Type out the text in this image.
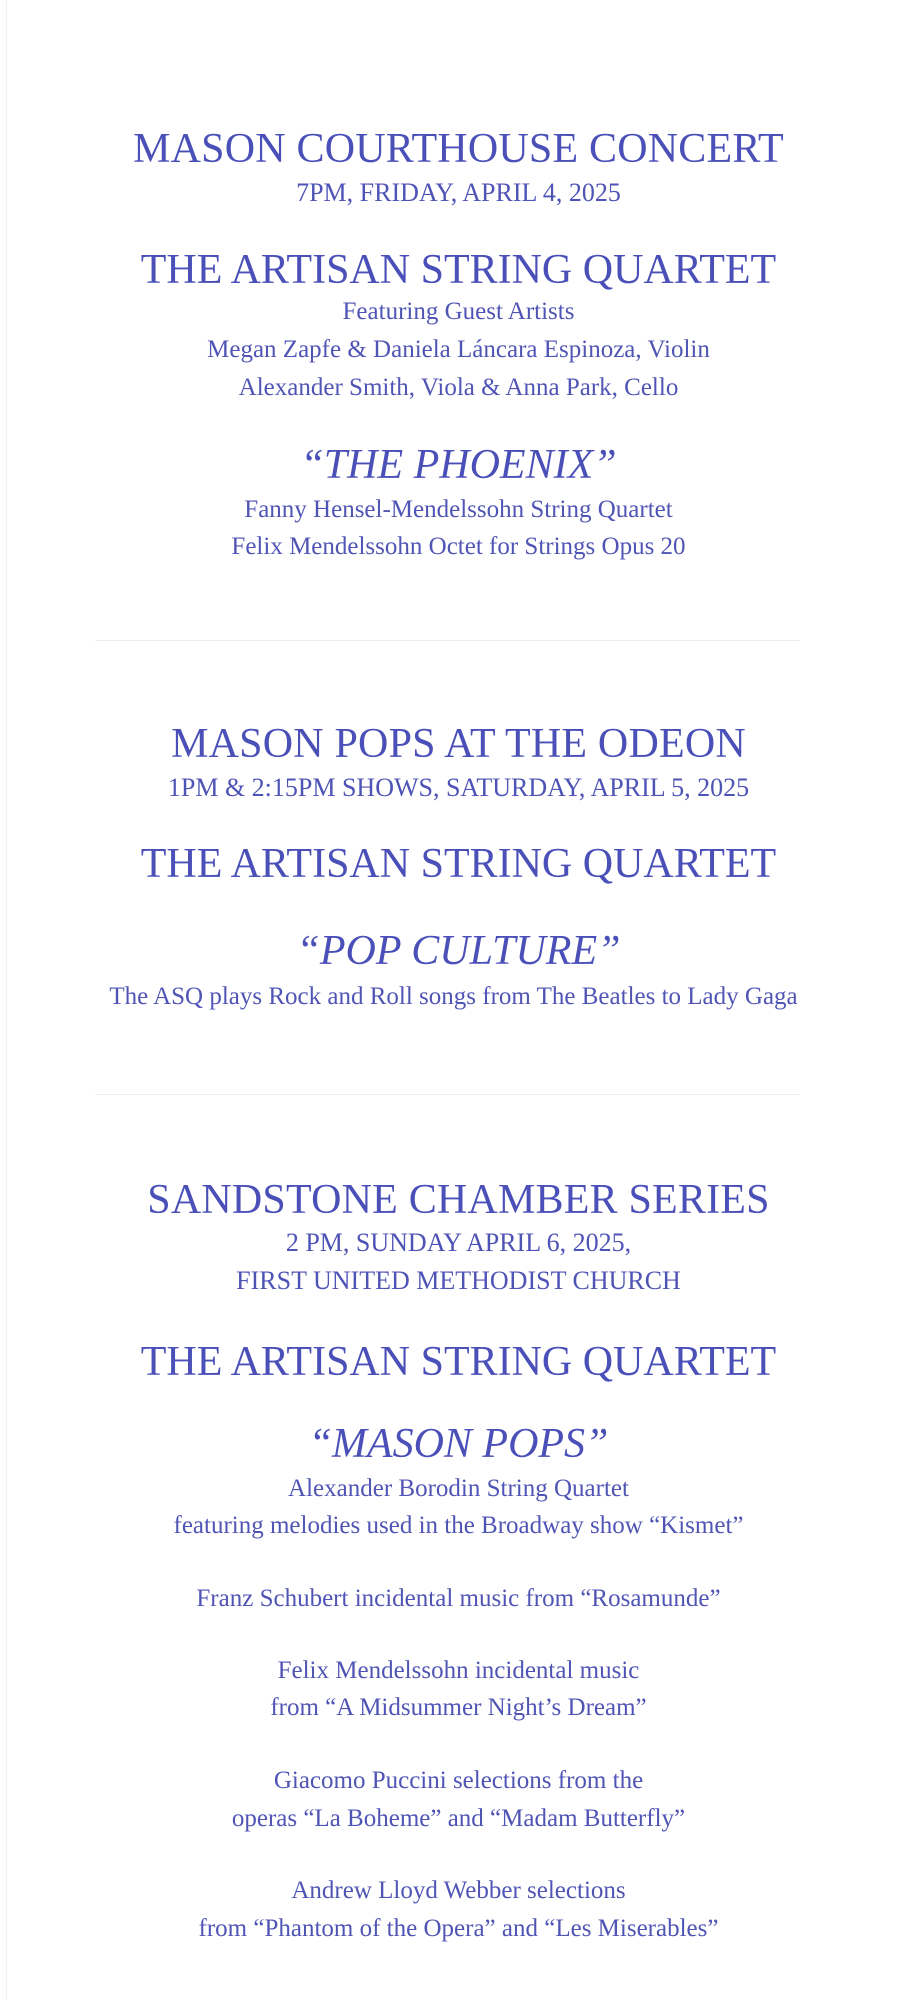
MASON COURTHOUSE CONCERT
7PM, FRIDAY, APRIL 4, 2025
THE ARTISAN STRING QUARTET
Featuring Guest Artists
Megan Zapfe & Daniela Láncara Espinoza, Violin
Alexander Smith, Viola & Anna Park, Cello
“THE PHOENIX”
Fanny Hensel-Mendelssohn String Quartet
Felix Mendelssohn Octet for Strings Opus 20
MASON POPS AT THE ODEON
1PM & 2:15PM SHOWS, SATURDAY, APRIL 5, 2025
THE ARTISAN STRING QUARTET
“POP CULTURE”
The ASQ plays Rock and Roll songs from The Beatles to Lady Gaga
SANDSTONE CHAMBER SERIES
2 PM, SUNDAY APRIL 6, 2025,
FIRST UNITED METHODIST CHURCH
THE ARTISAN STRING QUARTET
“MASON POPS”
Alexander Borodin String Quartet
featuring melodies used in the Broadway show “Kismet”
Franz Schubert incidental music from “Rosamunde”
Felix Mendelssohn incidental music
from “A Midsummer Night’s Dream”
Giacomo Puccini selections from the
operas “La Boheme” and “Madam Butterfly”
Andrew Lloyd Webber selections
from “Phantom of the Opera” and “Les Miserables”
